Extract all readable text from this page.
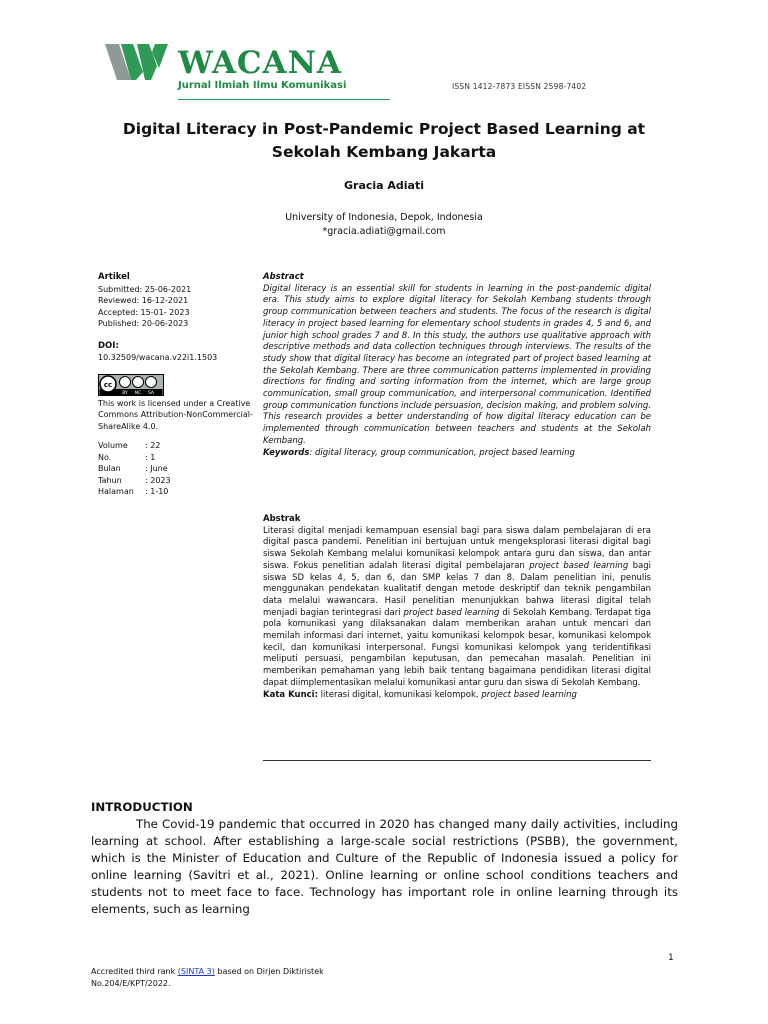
WACANA
Jurnal Ilmiah Ilmu Komunikasi	ISSN 1412-7873 EISSN 2598-7402
Digital Literacy in Post-Pandemic Project Based Learning at Sekolah Kembang Jakarta
Gracia Adiati
University of Indonesia, Depok, Indonesia
*gracia.adiati@gmail.com
Artikel
Submitted: 25-06-2021
Reviewed: 16-12-2021
Accepted: 15-01- 2023
Published: 20-06-2023
DOI:
10.32509/wacana.v22i1.1503
cc
BY NC SA
This work is licensed under a Creative Commons Attribution-NonCommercial-ShareAlike 4.0.
Volume	: 22
No.	: 1
Bulan	: June
Tahun	: 2023
Halaman	: 1-10
Abstract
Digital literacy is an essential skill for students in learning in the post-pandemic digital era. This study aims to explore digital literacy for Sekolah Kembang students through group communication between teachers and students. The focus of the research is digital literacy in project based learning for elementary school students in grades 4, 5 and 6, and junior high school grades 7 and 8. In this study, the authors use qualitative approach with descriptive methods and data collection techniques through interviews. The results of the study show that digital literacy has become an integrated part of project based learning at the Sekolah Kembang. There are three communication patterns implemented in providing directions for finding and sorting information from the internet, which are large group communication, small group communication, and interpersonal communication. Identified group communication functions include persuasion, decision making, and problem solving. This research provides a better understanding of how digital literacy education can be implemented through communication between teachers and students at the Sekolah Kembang.
Keywords: digital literacy, group communication, project based learning
Abstrak
Literasi digital menjadi kemampuan esensial bagi para siswa dalam pembelajaran di era digital pasca pandemi. Penelitian ini bertujuan untuk mengeksplorasi literasi digital bagi siswa Sekolah Kembang melalui komunikasi kelompok antara guru dan siswa, dan antar siswa. Fokus penelitian adalah literasi digital pembelajaran project based learning bagi siswa SD kelas 4, 5, dan 6, dan SMP kelas 7 dan 8. Dalam penelitian ini, penulis menggunakan pendekatan kualitatif dengan metode deskriptif dan teknik pengambilan data melalui wawancara. Hasil penelitian menunjukkan bahwa literasi digital telah menjadi bagian terintegrasi dari project based learning di Sekolah Kembang. Terdapat tiga pola komunikasi yang dilaksanakan dalam memberikan arahan untuk mencari dan memilah informasi dari internet, yaitu komunikasi kelompok besar, komunikasi kelompok kecil, dan komunikasi interpersonal. Fungsi komunikasi kelompok yang teridentifikasi meliputi persuasi, pengambilan keputusan, dan pemecahan masalah. Penelitian ini memberikan pemahaman yang lebih baik tentang bagaimana pendidikan literasi digital dapat diimplementasikan melalui komunikasi antar guru dan siswa di Sekolah Kembang.
Kata Kunci: literasi digital, komunikasi kelompok, project based learning
INTRODUCTION

The Covid-19 pandemic that occurred in 2020 has changed many daily activities, including learning at school. After establishing a large-scale social restrictions (PSBB), the government, which is the Minister of Education and Culture of the Republic of Indonesia issued a policy for online learning (Savitri et al., 2021). Online learning or online school conditions teachers and students not to meet face to face. Technology has important role in online learning through its elements, such as learning

1
Accredited third rank (SINTA 3) based on Dirjen Diktiristek
No.204/E/KPT/2022.
